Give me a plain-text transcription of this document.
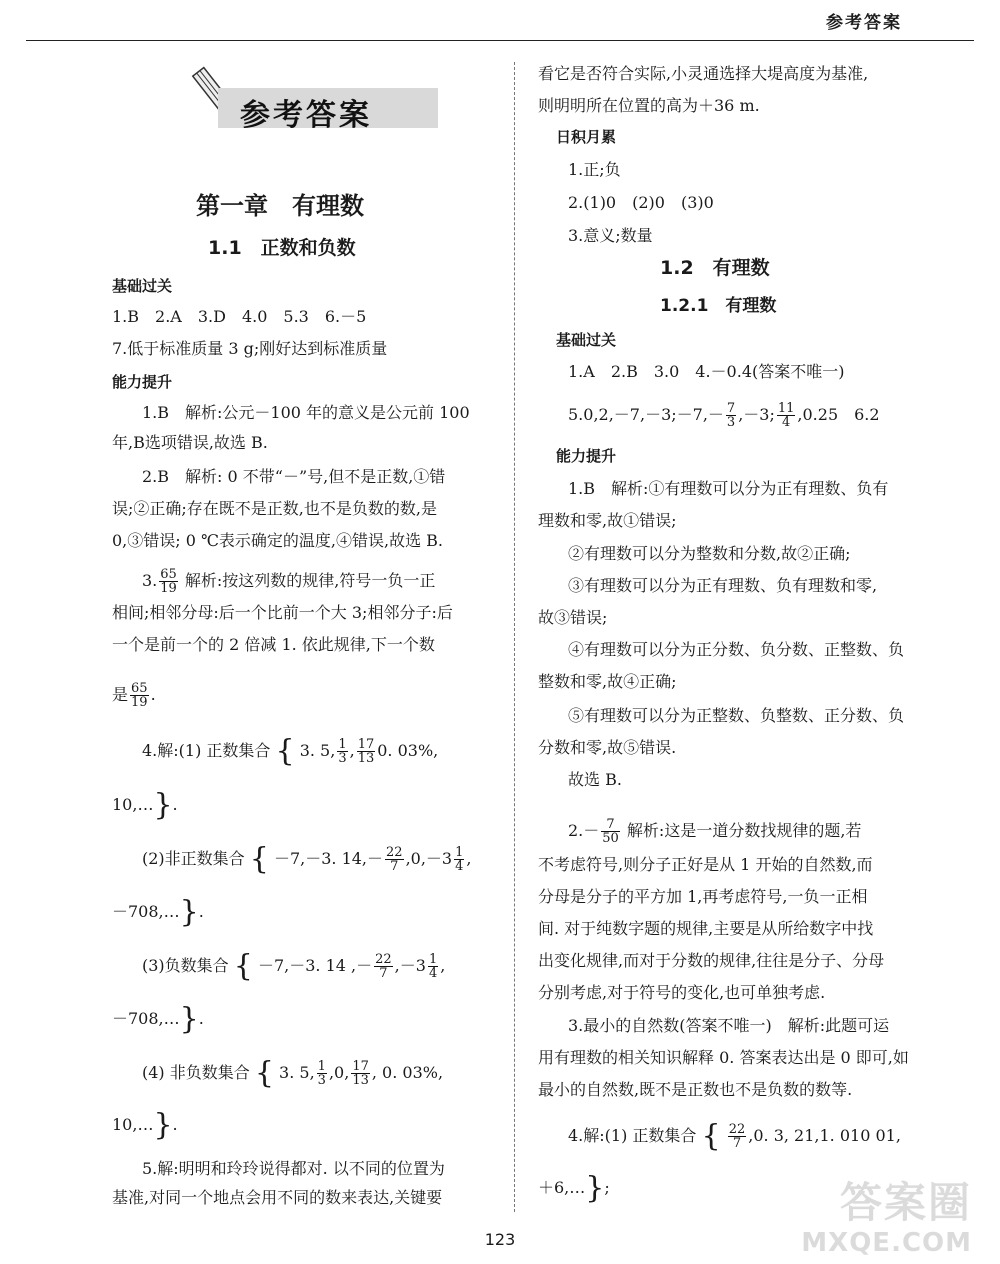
参考答案
参考答案
第一章　有理数
1.1　正数和负数
基础过关
1.B　2.A　3.D　4.0　5.3　6.－5
7.低于标准质量 3 g;刚好达到标准质量
能力提升
1.B　解析:公元－100 年的意义是公元前 100
年,B选项错误,故选 B.
2.B　解析: 0 不带“－”号,但不是正数,①错
误;②正确;存在既不是正数,也不是负数的数,是
0,③错误; 0 ℃表示确定的温度,④错误,故选 B.
3. $\frac{65}{19}$ 解析:按这列数的规律,符号一负一正
相间;相邻分母:后一个比前一个大 3;相邻分子:后
一个是前一个的 2 倍减 1. 依此规律,下一个数
是 $\frac{65}{19}$ .
4.解:(1) 正数集合 { 3. 5, $\frac{1}{3}$ , $\frac{17}{13} 0$. 03%,
10,…}.
(2)非正数集合 { －7,－3. $14,- \frac{22}{7} ,0,-3 \frac{1}{4}$ ,
－708,…}.
(3)负数集合 { －7,－3. 14 ,－ $\frac{22}{7} ,-3 \frac{1}{4}$ ,
－708,…}.
(4) 非负数集合 { 3. 5, $\frac{1}{3} ,0$, $\frac{17}{13}$ , 0. 03%,
10,…}.
5.解:明明和玲玲说得都对. 以不同的位置为
基准,对同一个地点会用不同的数来表达,关键要
看它是否符合实际,小灵通选择大堤高度为基准,
则明明所在位置的高为＋36 m.
日积月累
1.正;负
2.(1)0　(2)0　(3)0
3.意义;数量
1.2　有理数
1.2.1　有理数
基础过关
1.A　2.B　3.0　4.－0.4(答案不唯一)
5.0,2,－7,－3;－7,－ $\frac{7}{3} ,-3$; $\frac{11}{4} ,0.25$　6.2
能力提升
1.B　解析:①有理数可以分为正有理数、负有
理数和零,故①错误;
②有理数可以分为整数和分数,故②正确;
③有理数可以分为正有理数、负有理数和零,
故③错误;
④有理数可以分为正分数、负分数、正整数、负
整数和零,故④正确;
⑤有理数可以分为正整数、负整数、正分数、负
分数和零,故⑤错误.
故选 B.
$2.- \frac{7}{50}$ 解析:这是一道分数找规律的题,若
不考虑符号,则分子正好是从 1 开始的自然数,而
分母是分子的平方加 1,再考虑符号,一负一正相
间. 对于纯数字题的规律,主要是从所给数字中找
出变化规律,而对于分数的规律,往往是分子、分母
分别考虑,对于符号的变化,也可单独考虑.
3.最小的自然数(答案不唯一)　解析:此题可运
用有理数的相关知识解释 0. 答案表达出是 0 即可,如
最小的自然数,既不是正数也不是负数的数等.
4.解:(1) 正数集合 { $\frac{22}{7} ,0$. 3, 21,1. 010 01,
＋6,…};
123
答案圈
MXQE.COM
